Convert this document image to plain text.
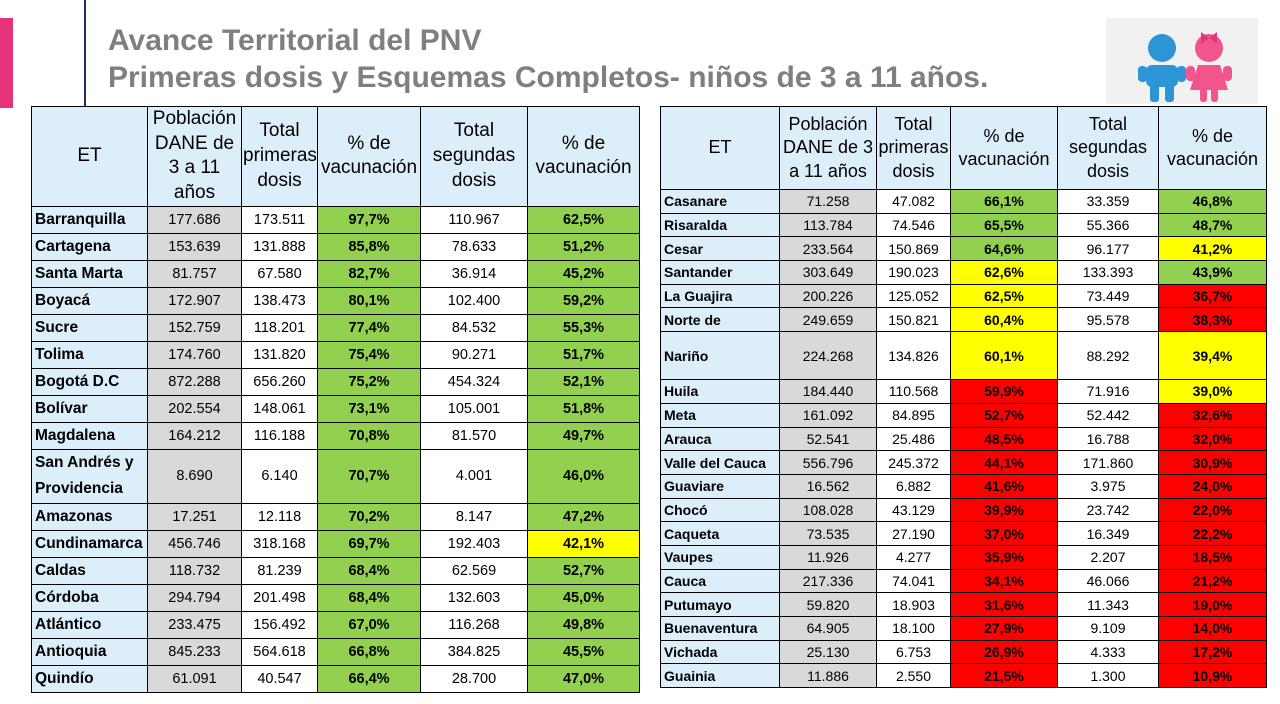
Avance Territorial del PNV
Primeras dosis y Esquemas Completos- niños de 3 a 11 años.
ET	Población DANE de 3 a 11 años	Total primeras dosis	% de vacunación	Total segundas dosis	% de vacunación
Barranquilla	177.686	173.511	97,7%	110.967	62,5%
Cartagena	153.639	131.888	85,8%	78.633	51,2%
Santa Marta	81.757	67.580	82,7%	36.914	45,2%
Boyacá	172.907	138.473	80,1%	102.400	59,2%
Sucre	152.759	118.201	77,4%	84.532	55,3%
Tolima	174.760	131.820	75,4%	90.271	51,7%
Bogotá D.C	872.288	656.260	75,2%	454.324	52,1%
Bolívar	202.554	148.061	73,1%	105.001	51,8%
Magdalena	164.212	116.188	70,8%	81.570	49,7%
San Andrés y Providencia	8.690	6.140	70,7%	4.001	46,0%
Amazonas	17.251	12.118	70,2%	8.147	47,2%
Cundinamarca	456.746	318.168	69,7%	192.403	42,1%
Caldas	118.732	81.239	68,4%	62.569	52,7%
Córdoba	294.794	201.498	68,4%	132.603	45,0%
Atlántico	233.475	156.492	67,0%	116.268	49,8%
Antioquia	845.233	564.618	66,8%	384.825	45,5%
Quindío	61.091	40.547	66,4%	28.700	47,0%
ET	Población DANE de 3 a 11 años	Total primeras dosis	% de vacunación	Total segundas dosis	% de vacunación
Casanare	71.258	47.082	66,1%	33.359	46,8%
Risaralda	113.784	74.546	65,5%	55.366	48,7%
Cesar	233.564	150.869	64,6%	96.177	41,2%
Santander	303.649	190.023	62,6%	133.393	43,9%
La Guajira	200.226	125.052	62,5%	73.449	36,7%
Norte de	249.659	150.821	60,4%	95.578	38,3%
Nariño	224.268	134.826	60,1%	88.292	39,4%
Huila	184.440	110.568	59,9%	71.916	39,0%
Meta	161.092	84.895	52,7%	52.442	32,6%
Arauca	52.541	25.486	48,5%	16.788	32,0%
Valle del Cauca	556.796	245.372	44,1%	171.860	30,9%
Guaviare	16.562	6.882	41,6%	3.975	24,0%
Chocó	108.028	43.129	39,9%	23.742	22,0%
Caqueta	73.535	27.190	37,0%	16.349	22,2%
Vaupes	11.926	4.277	35,9%	2.207	18,5%
Cauca	217.336	74.041	34,1%	46.066	21,2%
Putumayo	59.820	18.903	31,6%	11.343	19,0%
Buenaventura	64.905	18.100	27,9%	9.109	14,0%
Vichada	25.130	6.753	26,9%	4.333	17,2%
Guainia	11.886	2.550	21,5%	1.300	10,9%
